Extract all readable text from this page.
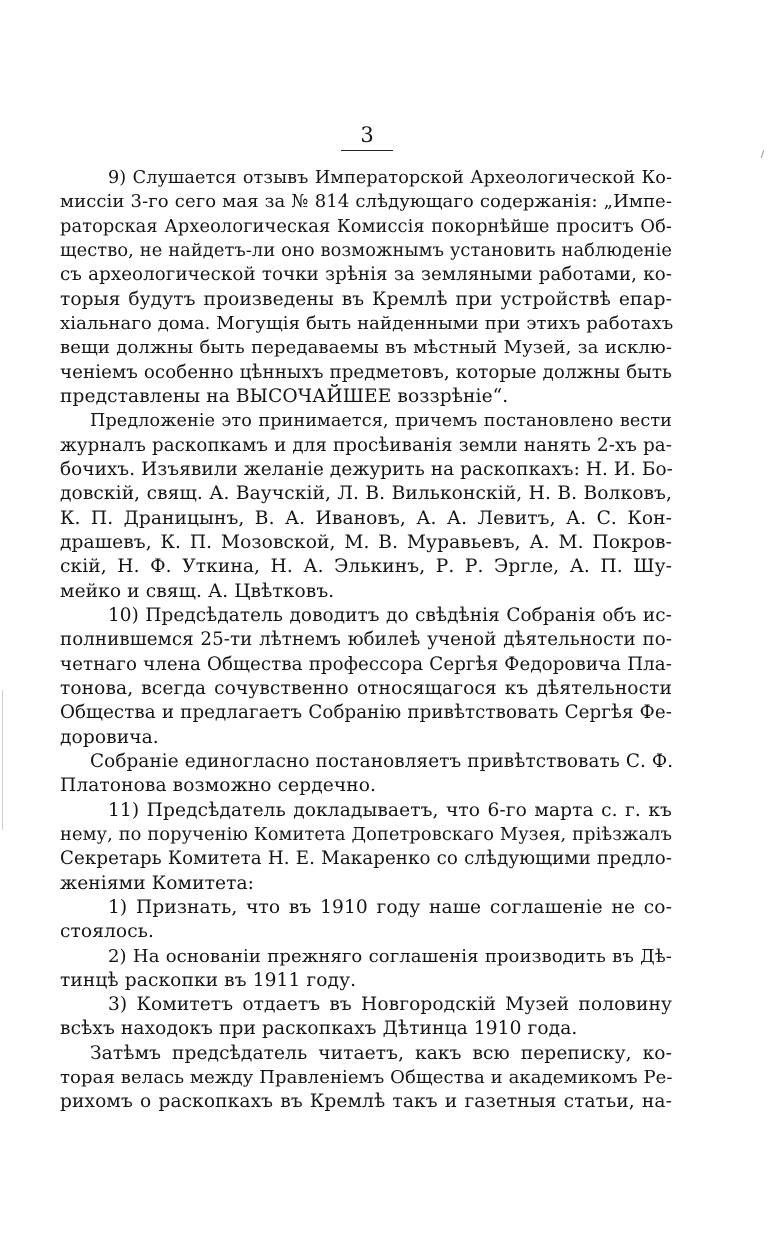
3
9) Слушается отзывъ Императорской Археологической Ко-
миссіи 3-го сего мая за № 814 слѣдующаго содержанія: „Импе-
раторская Археологическая Комиссія покорнѣйше проситъ Об-
щество, не найдетъ-ли оно возможнымъ установить наблюденіе
съ археологической точки зрѣнія за земляными работами, ко-
торыя будутъ произведены въ Кремлѣ при устройствѣ епар-
хіальнаго дома. Могущія быть найденными при этихъ работахъ
вещи должны быть передаваемы въ мѣстный Музей, за исклю-
ченіемъ особенно цѣнныхъ предметовъ, которые должны быть
представлены на ВЫСОЧАЙШЕЕ воззрѣніе“.
Предложеніе это принимается, причемъ постановлено вести
журналъ раскопкамъ и для просѣиванія земли нанять 2-хъ ра-
бочихъ. Изъявили желаніе дежурить на раскопкахъ: Н. И. Бо-
довскій, свящ. А. Ваучскій, Л. В. Вильконскій, Н. В. Волковъ,
К. П. Драницынъ, В. А. Ивановъ, А. А. Левитъ, А. С. Кон-
драшевъ, К. П. Мозовской, М. В. Муравьевъ, А. М. Покров-
скій, Н. Ф. Уткина, Н. А. Элькинъ, Р. Р. Эргле, А. П. Шу-
мейко и свящ. А. Цвѣтковъ.
10) Предсѣдатель доводитъ до свѣдѣнія Собранія объ ис-
полнившемся 25-ти лѣтнемъ юбилеѣ ученой дѣятельности по-
четнаго члена Общества профессора Сергѣя Федоровича Пла-
тонова, всегда сочувственно относящагося къ дѣятельности
Общества и предлагаетъ Собранію привѣтствовать Сергѣя Фе-
доровича.
Собраніе единогласно постановляетъ привѣтствовать С. Ф.
Платонова возможно сердечно.
11) Предсѣдатель докладываетъ, что 6-го марта с. г. къ
нему, по порученію Комитета Допетровскаго Музея, пріѣзжалъ
Секретарь Комитета Н. Е. Макаренко со слѣдующими предло-
женіями Комитета:
1) Признать, что въ 1910 году наше соглашеніе не со-
стоялось.
2) На основаніи прежняго соглашенія производить въ Дѣ-
тинцѣ раскопки въ 1911 году.
3) Комитетъ отдаетъ въ Новгородскій Музей половину
всѣхъ находокъ при раскопкахъ Дѣтинца 1910 года.
Затѣмъ предсѣдатель читаетъ, какъ всю переписку, ко-
торая велась между Правленіемъ Общества и академикомъ Ре-
рихомъ о раскопкахъ въ Кремлѣ такъ и газетныя статьи, на-
